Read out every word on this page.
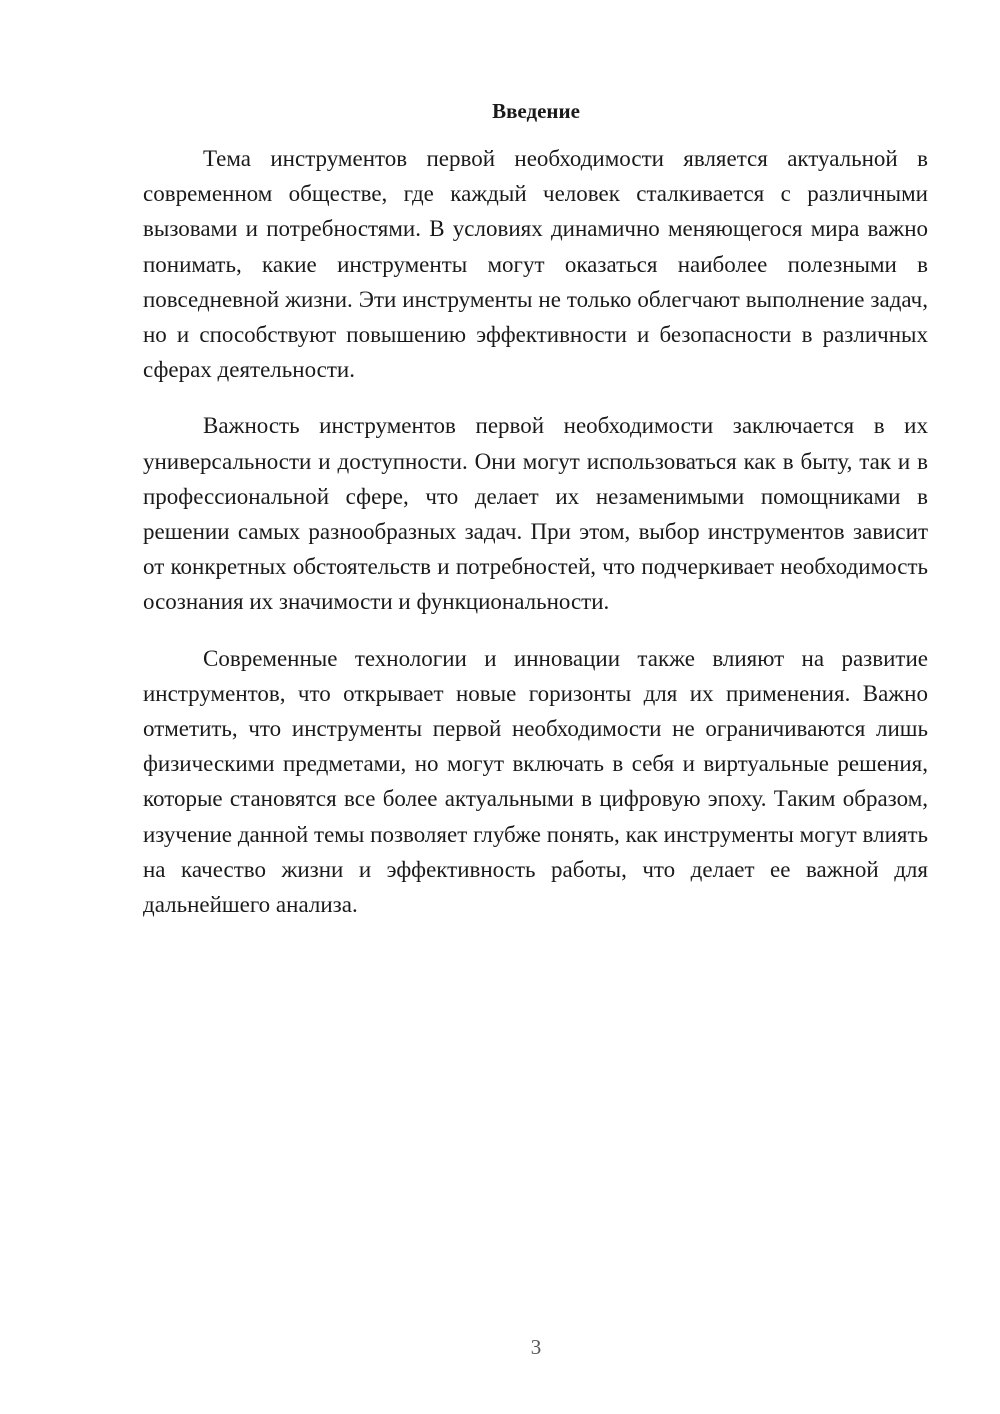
Введение

Тема инструментов первой необходимости является актуальной в современном обществе, где каждый человек сталкивается с различными вызовами и потребностями. В условиях динамично меняющегося мира важно понимать, какие инструменты могут оказаться наиболее полезными в повседневной жизни. Эти инструменты не только облегчают выполнение задач, но и способствуют повышению эффективности и безопасности в различных сферах деятельности.

Важность инструментов первой необходимости заключается в их универсальности и доступности. Они могут использоваться как в быту, так и в профессиональной сфере, что делает их незаменимыми помощниками в решении самых разнообразных задач. При этом, выбор инструментов зависит от конкретных обстоятельств и потребностей, что подчеркивает необходимость осознания их значимости и функциональности.

Современные технологии и инновации также влияют на развитие инструментов, что открывает новые горизонты для их применения. Важно отметить, что инструменты первой необходимости не ограничиваются лишь физическими предметами, но могут включать в себя и виртуальные решения, которые становятся все более актуальными в цифровую эпоху. Таким образом, изучение данной темы позволяет глубже понять, как инструменты могут влиять на качество жизни и эффективность работы, что делает ее важной для дальнейшего анализа.

3
